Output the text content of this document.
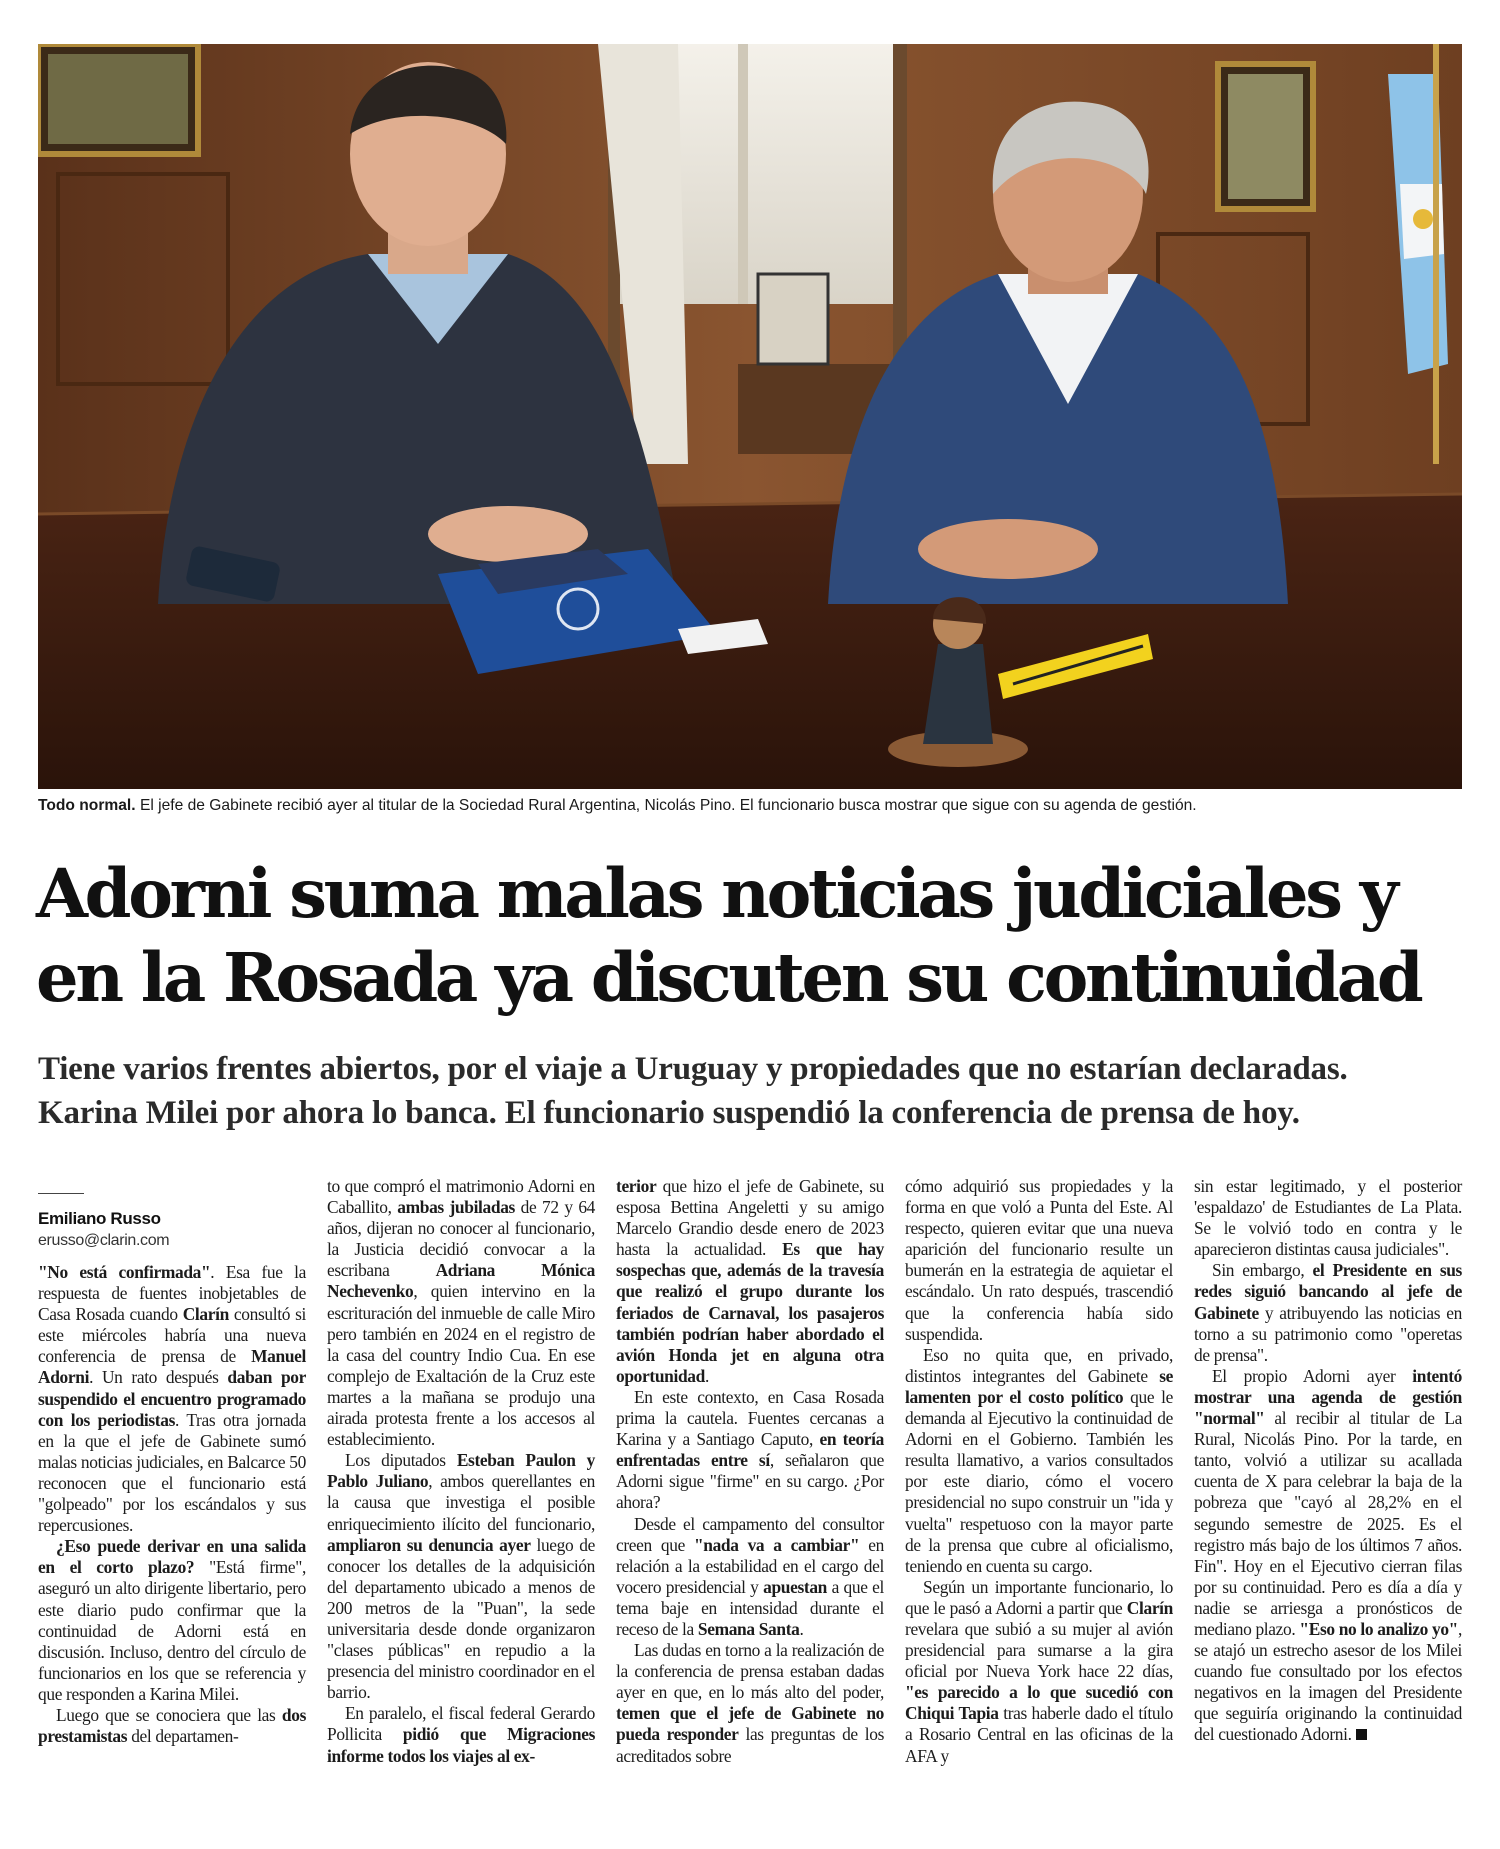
Todo normal. El jefe de Gabinete recibió ayer al titular de la Sociedad Rural Argentina, Nicolás Pino. El funcionario busca mostrar que sigue con su agenda de gestión.
Adorni suma malas noticias judiciales y
en la Rosada ya discuten su continuidad
Tiene varios frentes abiertos, por el viaje a Uruguay y propiedades que no estarían declaradas.
Karina Milei por ahora lo banca. El funcionario suspendió la conferencia de prensa de hoy.
Emiliano Russo
erusso@clarin.com

"No está confirmada". Esa fue la respuesta de fuentes inobjetables de Casa Rosada cuando Clarín consultó si este miércoles habría una nueva conferencia de prensa de Manuel Adorni. Un rato después daban por suspendido el encuentro programado con los periodistas. Tras otra jornada en la que el jefe de Gabinete sumó malas noticias judiciales, en Balcarce 50 reconocen que el funcionario está "golpeado" por los escándalos y sus repercusiones.

¿Eso puede derivar en una salida en el corto plazo? "Está firme", aseguró un alto dirigente libertario, pero este diario pudo confirmar que la continuidad de Adorni está en discusión. Incluso, dentro del círculo de funcionarios en los que se referencia y que responden a Karina Milei.

Luego que se conociera que las dos prestamistas del departamen-

to que compró el matrimonio Adorni en Caballito, ambas jubiladas de 72 y 64 años, dijeran no conocer al funcionario, la Justicia decidió convocar a la escribana Adriana Mónica Nechevenko, quien intervino en la escrituración del inmueble de calle Miro pero también en 2024 en el registro de la casa del country Indio Cua. En ese complejo de Exaltación de la Cruz este martes a la mañana se produjo una airada protesta frente a los accesos al establecimiento.

Los diputados Esteban Paulon y Pablo Juliano, ambos querellantes en la causa que investiga el posible enriquecimiento ilícito del funcionario, ampliaron su denuncia ayer luego de conocer los detalles de la adquisición del departamento ubicado a menos de 200 metros de la "Puan", la sede universitaria desde donde organizaron "clases públicas" en repudio a la presencia del ministro coordinador en el barrio.

En paralelo, el fiscal federal Gerardo Pollicita pidió que Migraciones informe todos los viajes al ex-

terior que hizo el jefe de Gabinete, su esposa Bettina Angeletti y su amigo Marcelo Grandio desde enero de 2023 hasta la actualidad. Es que hay sospechas que, además de la travesía que realizó el grupo durante los feriados de Carnaval, los pasajeros también podrían haber abordado el avión Honda jet en alguna otra oportunidad.

En este contexto, en Casa Rosada prima la cautela. Fuentes cercanas a Karina y a Santiago Caputo, en teoría enfrentadas entre sí, señalaron que Adorni sigue "firme" en su cargo. ¿Por ahora?

Desde el campamento del consultor creen que "nada va a cambiar" en relación a la estabilidad en el cargo del vocero presidencial y apuestan a que el tema baje en intensidad durante el receso de la Semana Santa.

Las dudas en torno a la realización de la conferencia de prensa estaban dadas ayer en que, en lo más alto del poder, temen que el jefe de Gabinete no pueda responder las preguntas de los acreditados sobre

cómo adquirió sus propiedades y la forma en que voló a Punta del Este. Al respecto, quieren evitar que una nueva aparición del funcionario resulte un bumerán en la estrategia de aquietar el escándalo. Un rato después, trascendió que la conferencia había sido suspendida.

Eso no quita que, en privado, distintos integrantes del Gabinete se lamenten por el costo político que le demanda al Ejecutivo la continuidad de Adorni en el Gobierno. También les resulta llamativo, a varios consultados por este diario, cómo el vocero presidencial no supo construir un "ida y vuelta" respetuoso con la mayor parte de la prensa que cubre al oficialismo, teniendo en cuenta su cargo.

Según un importante funcionario, lo que le pasó a Adorni a partir que Clarín revelara que subió a su mujer al avión presidencial para sumarse a la gira oficial por Nueva York hace 22 días, "es parecido a lo que sucedió con Chiqui Tapia tras haberle dado el título a Rosario Central en las oficinas de la AFA y

sin estar legitimado, y el posterior 'espaldazo' de Estudiantes de La Plata. Se le volvió todo en contra y le aparecieron distintas causa judiciales".

Sin embargo, el Presidente en sus redes siguió bancando al jefe de Gabinete y atribuyendo las noticias en torno a su patrimonio como "operetas de prensa".

El propio Adorni ayer intentó mostrar una agenda de gestión "normal" al recibir al titular de La Rural, Nicolás Pino. Por la tarde, en tanto, volvió a utilizar su acallada cuenta de X para celebrar la baja de la pobreza que "cayó al 28,2% en el segundo semestre de 2025. Es el registro más bajo de los últimos 7 años. Fin". Hoy en el Ejecutivo cierran filas por su continuidad. Pero es día a día y nadie se arriesga a pronósticos de mediano plazo. "Eso no lo analizo yo", se atajó un estrecho asesor de los Milei cuando fue consultado por los efectos negativos en la imagen del Presidente que seguiría originando la continuidad del cuestionado Adorni.
